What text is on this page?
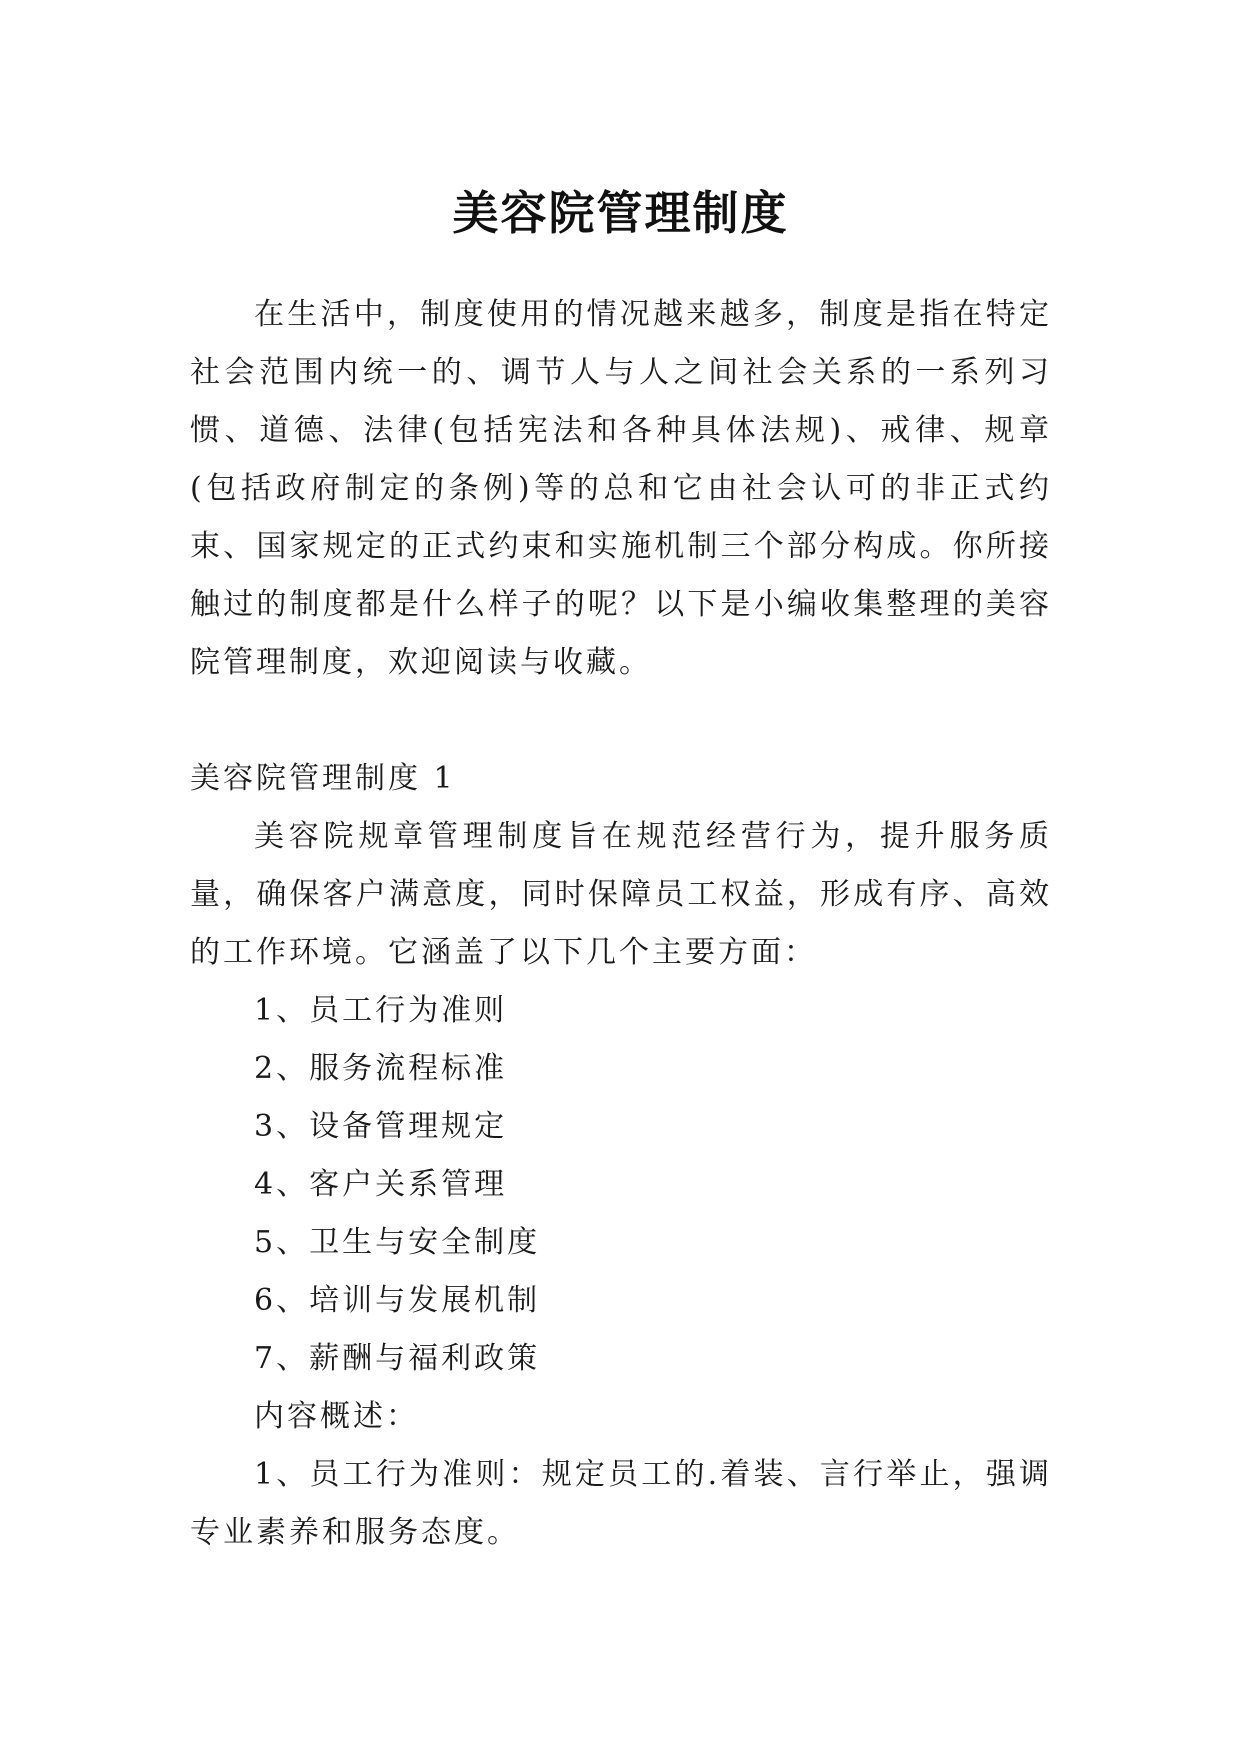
美容院管理制度

在生活中，制度使用的情况越来越多，制度是指在特定社会范围内统一的、调节人与人之间社会关系的一系列习惯、道德、法律(包括宪法和各种具体法规)、戒律、规章(包括政府制定的条例)等的总和它由社会认可的非正式约束、国家规定的正式约束和实施机制三个部分构成。你所接触过的制度都是什么样子的呢？以下是小编收集整理的美容院管理制度，欢迎阅读与收藏。

美容院管理制度 1

美容院规章管理制度旨在规范经营行为，提升服务质量，确保客户满意度，同时保障员工权益，形成有序、高效的工作环境。它涵盖了以下几个主要方面：

1、员工行为准则

2、服务流程标准

3、设备管理规定

4、客户关系管理

5、卫生与安全制度

6、培训与发展机制

7、薪酬与福利政策

内容概述：

1、员工行为准则：规定员工的.着装、言行举止，强调专业素养和服务态度。
